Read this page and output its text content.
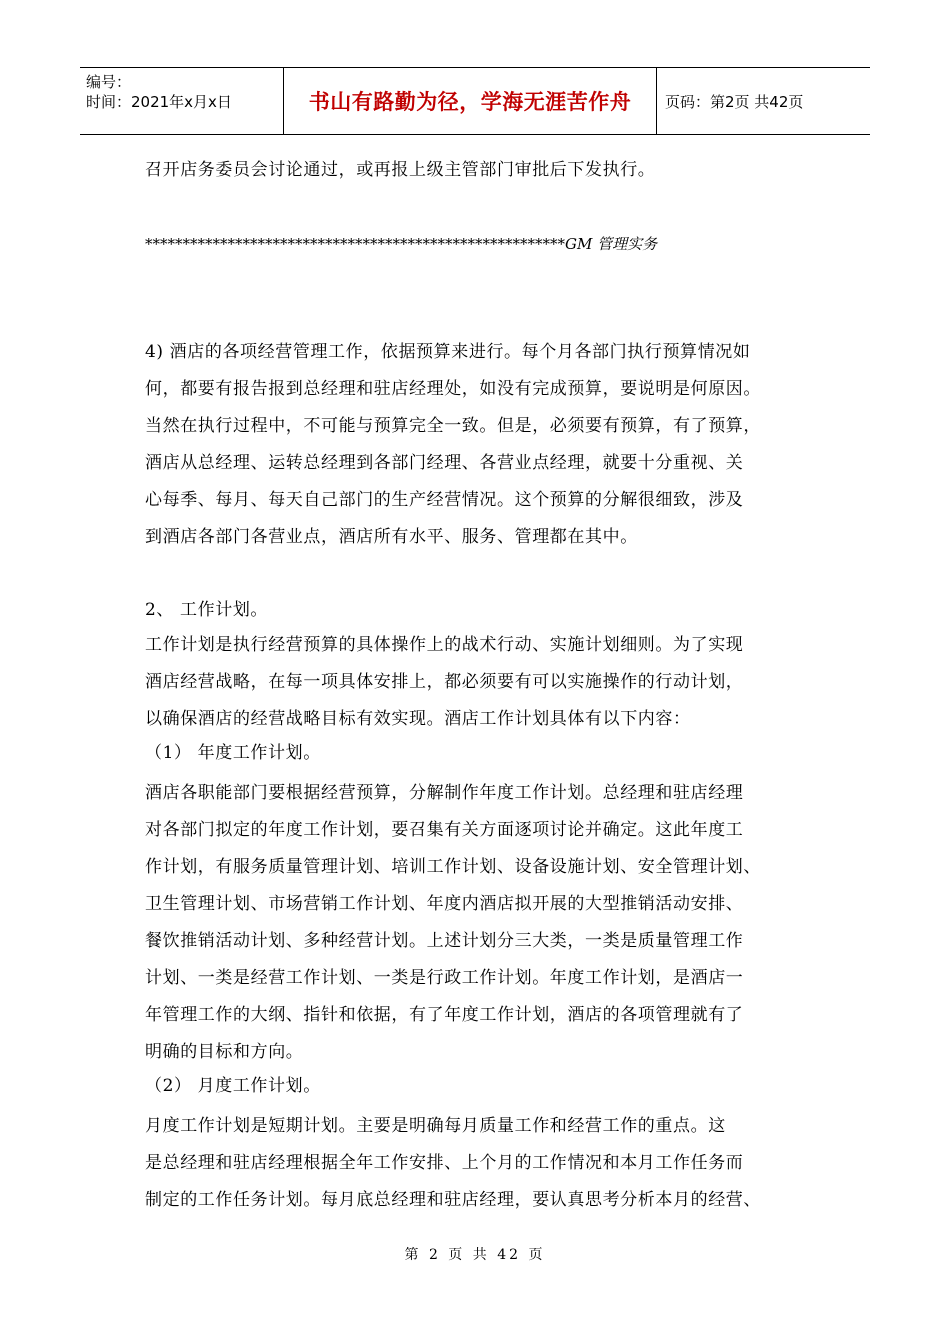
编号：
时间：2021年x月x日	书山有路勤为径，学海无涯苦作舟	页码：第2页 共42页
召开店务委员会讨论通过，或再报上级主管部门审批后下发执行。
********************************************************GM 管理实务
4) 酒店的各项经营管理工作，依据预算来进行。每个月各部门执行预算情况如
何，都要有报告报到总经理和驻店经理处，如没有完成预算，要说明是何原因。
当然在执行过程中，不可能与预算完全一致。但是，必须要有预算，有了预算，
酒店从总经理、运转总经理到各部门经理、各营业点经理，就要十分重视、关
心每季、每月、每天自己部门的生产经营情况。这个预算的分解很细致，涉及
到酒店各部门各营业点，酒店所有水平、服务、管理都在其中。
2、 工作计划。
工作计划是执行经营预算的具体操作上的战术行动、实施计划细则。为了实现
酒店经营战略，在每一项具体安排上，都必须要有可以实施操作的行动计划，
以确保酒店的经营战略目标有效实现。酒店工作计划具体有以下内容：
（1） 年度工作计划。
酒店各职能部门要根据经营预算，分解制作年度工作计划。总经理和驻店经理
对各部门拟定的年度工作计划，要召集有关方面逐项讨论并确定。这此年度工
作计划，有服务质量管理计划、培训工作计划、设备设施计划、安全管理计划、
卫生管理计划、市场营销工作计划、年度内酒店拟开展的大型推销活动安排、
餐饮推销活动计划、多种经营计划。上述计划分三大类，一类是质量管理工作
计划、一类是经营工作计划、一类是行政工作计划。年度工作计划，是酒店一
年管理工作的大纲、指针和依据，有了年度工作计划，酒店的各项管理就有了
明确的目标和方向。
（2） 月度工作计划。
月度工作计划是短期计划。主要是明确每月质量工作和经营工作的重点。这
是总经理和驻店经理根据全年工作安排、上个月的工作情况和本月工作任务而
制定的工作任务计划。每月底总经理和驻店经理，要认真思考分析本月的经营、
第 2 页 共 42 页
